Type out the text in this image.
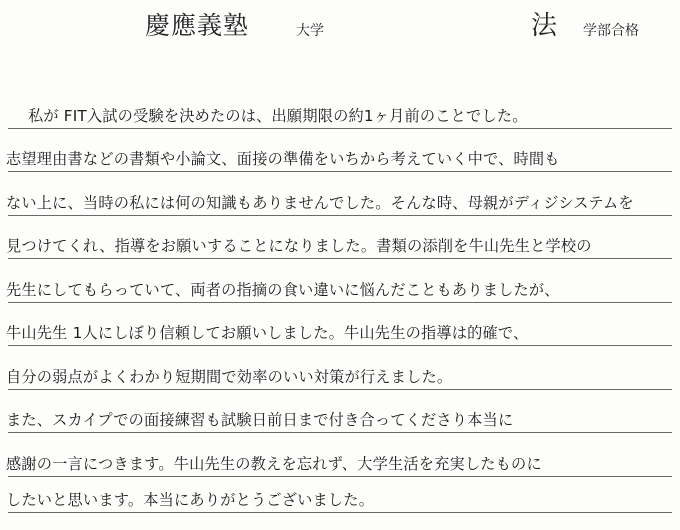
慶應義塾	大学	法 学部合格
私が FIT入試の受験を決めたのは、出願期限の約1ヶ月前のことでした。
志望理由書などの書類や小論文、面接の準備をいちから考えていく中で、時間も
ない上に、当時の私には何の知識もありませんでした。そんな時、母親がディジシステムを
見つけてくれ、指導をお願いすることになりました。書類の添削を牛山先生と学校の
先生にしてもらっていて、両者の指摘の食い違いに悩んだこともありましたが、
牛山先生 1人にしぼり信頼してお願いしました。牛山先生の指導は的確で、
自分の弱点がよくわかり短期間で効率のいい対策が行えました。
また、スカイプでの面接練習も試験日前日まで付き合ってくださり本当に
感謝の一言につきます。牛山先生の教えを忘れず、大学生活を充実したものに
したいと思います。本当にありがとうございました。
